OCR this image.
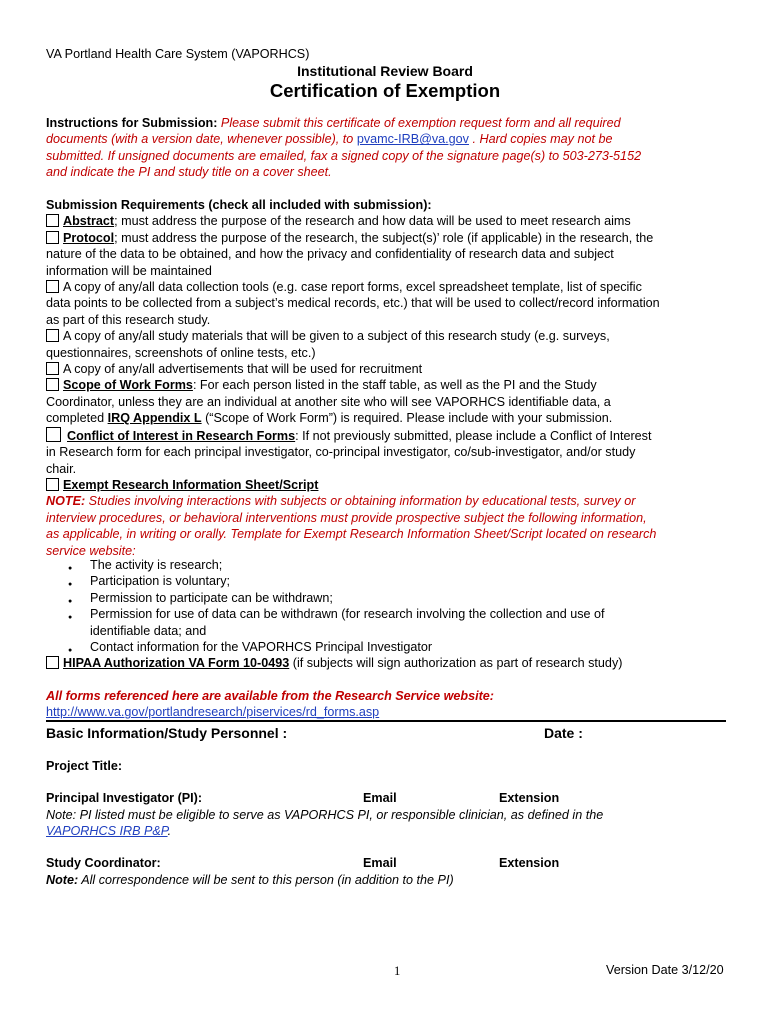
VA Portland Health Care System (VAPORHCS)
Institutional Review Board
Certification of Exemption
Instructions for Submission: Please submit this certificate of exemption request form and all required
documents (with a version date, whenever possible), to pvamc-IRB@va.gov . Hard copies may not be
submitted. If unsigned documents are emailed, fax a signed copy of the signature page(s) to 503-273-5152
and indicate the PI and study title on a cover sheet.
Submission Requirements (check all included with submission):
Abstract; must address the purpose of the research and how data will be used to meet research aims
Protocol; must address the purpose of the research, the subject(s)’ role (if applicable) in the research, the
nature of the data to be obtained, and how the privacy and confidentiality of research data and subject
information will be maintained
A copy of any/all data collection tools (e.g. case report forms, excel spreadsheet template, list of specific
data points to be collected from a subject’s medical records, etc.) that will be used to collect/record information
as part of this research study.
A copy of any/all study materials that will be given to a subject of this research study (e.g. surveys,
questionnaires, screenshots of online tests, etc.)
A copy of any/all advertisements that will be used for recruitment
Scope of Work Forms: For each person listed in the staff table, as well as the PI and the Study
Coordinator, unless they are an individual at another site who will see VAPORHCS identifiable data, a
completed IRQ Appendix L (“Scope of Work Form”) is required. Please include with your submission.
Conflict of Interest in Research Forms: If not previously submitted, please include a Conflict of Interest
in Research form for each principal investigator, co-principal investigator, co/sub-investigator, and/or study
chair.
Exempt Research Information Sheet/Script
NOTE: Studies involving interactions with subjects or obtaining information by educational tests, survey or
interview procedures, or behavioral interventions must provide prospective subject the following information,
as applicable, in writing or orally. Template for Exempt Research Information Sheet/Script located on research
service website:
● The activity is research;
● Participation is voluntary;
● Permission to participate can be withdrawn;
● Permission for use of data can be withdrawn (for research involving the collection and use of
identifiable data; and
● Contact information for the VAPORHCS Principal Investigator
HIPAA Authorization VA Form 10-0493 (if subjects will sign authorization as part of research study)
All forms referenced here are available from the Research Service website:
http://www.va.gov/portlandresearch/piservices/rd_forms.asp
Basic Information/Study Personnel :	Date :
Project Title:
Principal Investigator (PI):	Email	Extension
Note: PI listed must be eligible to serve as VAPORHCS PI, or responsible clinician, as defined in the
VAPORHCS IRB P&P.
Study Coordinator:	Email	Extension
Note: All correspondence will be sent to this person (in addition to the PI)
1	Version Date 3/12/20
